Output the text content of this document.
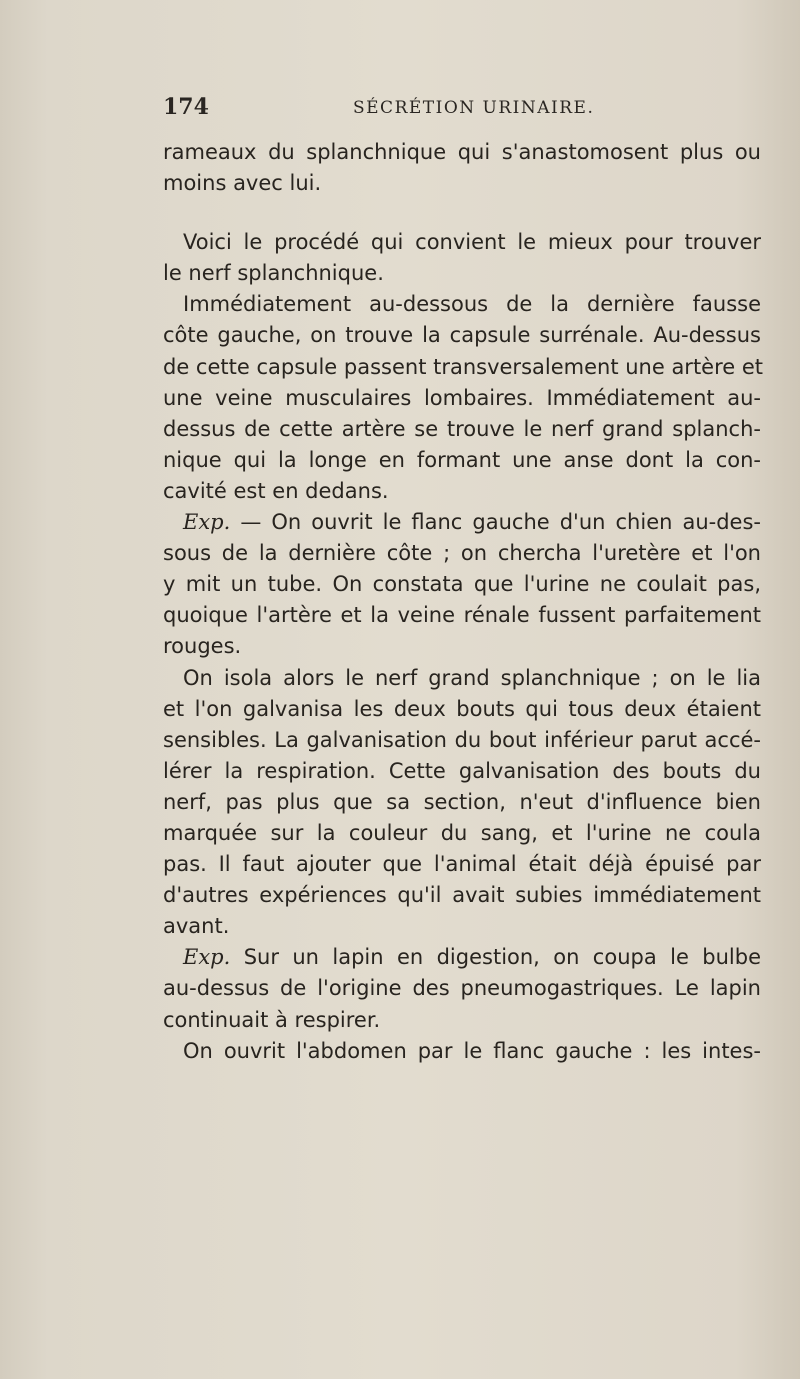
174	SÉCRÉTION URINAIRE.
rameaux du splanchnique qui s'anastomosent plus ou
moins avec lui.
Voici le procédé qui convient le mieux pour trouver
le nerf splanchnique.
Immédiatement au-dessous de la dernière fausse
côte gauche, on trouve la capsule surrénale. Au-dessus
de cette capsule passent transversalement une artère et
une veine musculaires lombaires. Immédiatement au-
dessus de cette artère se trouve le nerf grand splanch-
nique qui la longe en formant une anse dont la con-
cavité est en dedans.
Exp. — On ouvrit le flanc gauche d'un chien au-des-
sous de la dernière côte ; on chercha l'uretère et l'on
y mit un tube. On constata que l'urine ne coulait pas,
quoique l'artère et la veine rénale fussent parfaitement
rouges.
On isola alors le nerf grand splanchnique ; on le lia
et l'on galvanisa les deux bouts qui tous deux étaient
sensibles. La galvanisation du bout inférieur parut accé-
lérer la respiration. Cette galvanisation des bouts du
nerf, pas plus que sa section, n'eut d'influence bien
marquée sur la couleur du sang, et l'urine ne coula
pas. Il faut ajouter que l'animal était déjà épuisé par
d'autres expériences qu'il avait subies immédiatement
avant.
Exp. Sur un lapin en digestion, on coupa le bulbe
au-dessus de l'origine des pneumogastriques. Le lapin
continuait à respirer.
On ouvrit l'abdomen par le flanc gauche : les intes-
